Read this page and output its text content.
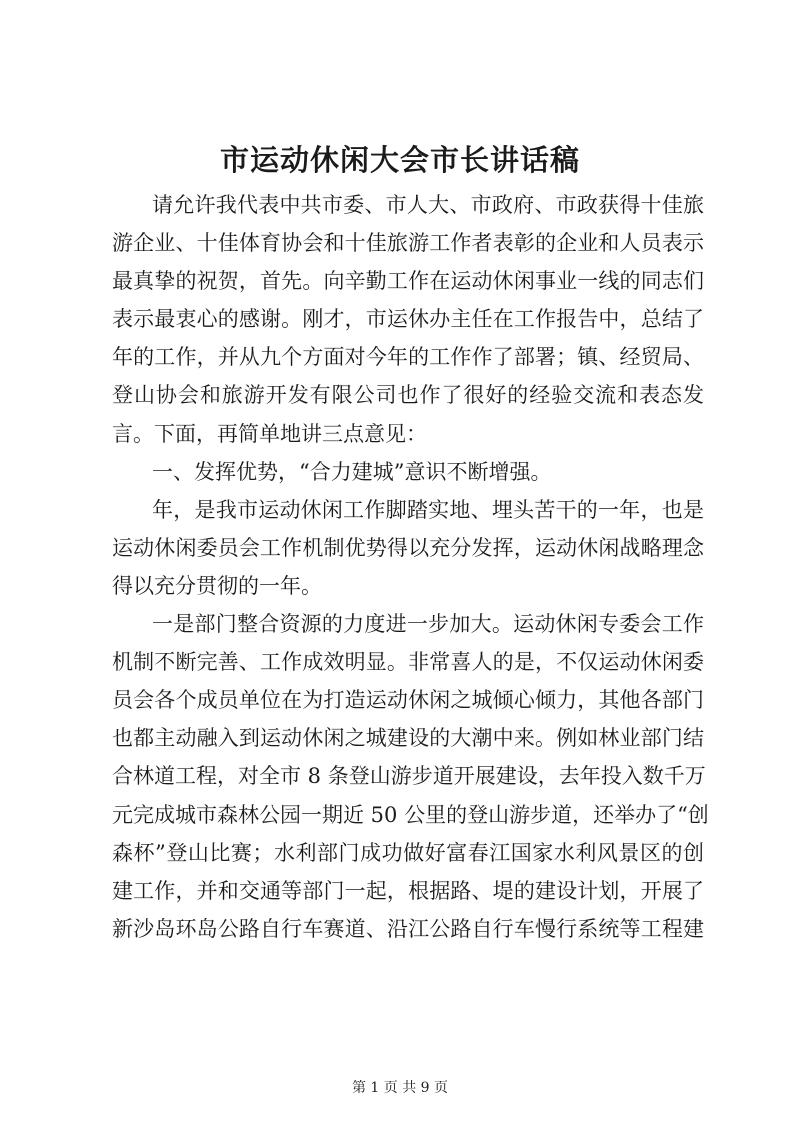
市运动休闲大会市长讲话稿
请允许我代表中共市委、市人大、市政府、市政获得十佳旅
游企业、十佳体育协会和十佳旅游工作者表彰的企业和人员表示
最真挚的祝贺，首先。向辛勤工作在运动休闲事业一线的同志们
表示最衷心的感谢。刚才，市运休办主任在工作报告中，总结了
年的工作，并从九个方面对今年的工作作了部署；镇、经贸局、
登山协会和旅游开发有限公司也作了很好的经验交流和表态发
言。下面，再简单地讲三点意见：
一、发挥优势，“合力建城”意识不断增强。
年，是我市运动休闲工作脚踏实地、埋头苦干的一年，也是
运动休闲委员会工作机制优势得以充分发挥，运动休闲战略理念
得以充分贯彻的一年。
一是部门整合资源的力度进一步加大。运动休闲专委会工作
机制不断完善、工作成效明显。非常喜人的是，不仅运动休闲委
员会各个成员单位在为打造运动休闲之城倾心倾力，其他各部门
也都主动融入到运动休闲之城建设的大潮中来。例如林业部门结
合林道工程，对全市 8 条登山游步道开展建设，去年投入数千万
元完成城市森林公园一期近 50 公里的登山游步道，还举办了“创
森杯”登山比赛；水利部门成功做好富春江国家水利风景区的创
建工作，并和交通等部门一起，根据路、堤的建设计划，开展了
新沙岛环岛公路自行车赛道、沿江公路自行车慢行系统等工程建
第 1 页 共 9 页
